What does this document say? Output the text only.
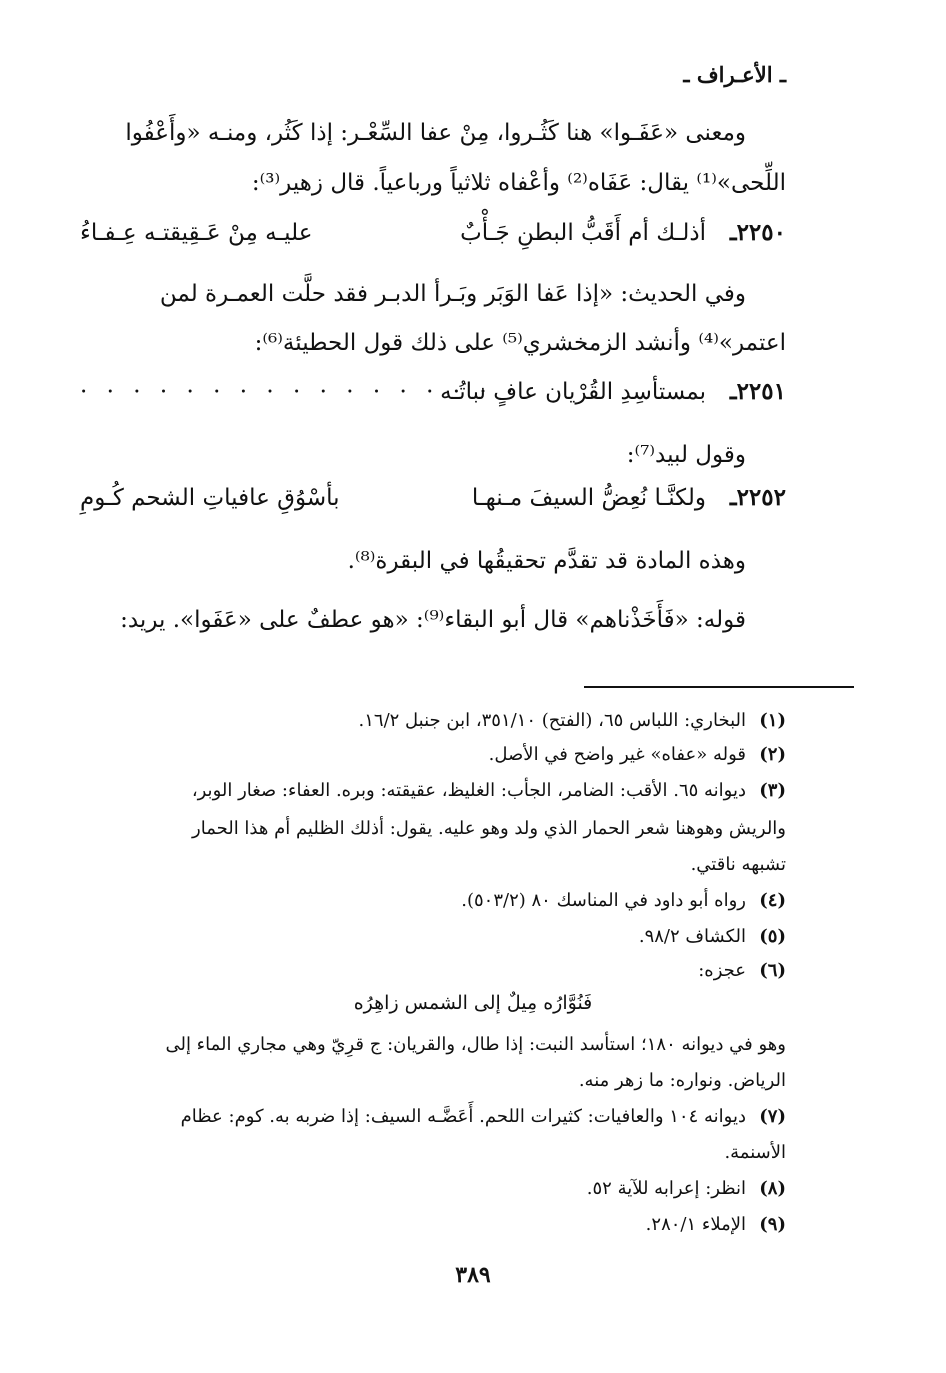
ـ الأعـراف ـ
ومعنى «عَفَـوا» هنا كَثُـروا، مِنْ عفا السِّعْـر: إذا كَثُر، ومنـه «وأَعْفُوا
اللِّحى»⁽¹⁾ يقال: عَفَاه⁽²⁾ وأعْفاه ثلاثياً ورباعياً. قال زهير⁽³⁾:
٢٢٥٠ـ
أذلـك أم أَقَبُّ البطنِ جَـأْبٌ
عليـه مِنْ عَـقِيقتـه عِـفـاءُ
وفي الحديث: «إذا عَفا الوَبَر وبَـرأ الدبـر فقد حلَّت العمـرة لمن
اعتمر»⁽⁴⁾ وأنشد الزمخشري⁽⁵⁾ على ذلك قول الحطيئة⁽⁶⁾:
٢٢٥١ـ
بمستأسِدِ القُرْيان عافٍ نباتُـه
· · · · · · · · · · · · · · · · ·
وقول لبيد⁽⁷⁾:
٢٢٥٢ـ
ولكنَّـا نُعِضُّ السيفَ مـنهـا
بأسْوُقِ عافياتِ الشحم كُـومِ
وهذه المادة قد تقدَّم تحقيقُها في البقرة⁽⁸⁾.
قوله: «فَأَخَذْناهم» قال أبو البقاء⁽⁹⁾: «هو عطفٌ على «عَفَوا». يريد:
(١)البخاري: اللباس ٦٥، (الفتح) ٣٥١/١٠، ابن جنبل ١٦/٢.
(٢)قوله «عفاه» غير واضح في الأصل.
(٣)ديوانه ٦٥. الأقب: الضامر، الجأب: الغليظ، عقيقته: وبره. العفاء: صغار الوبر،
والريش وهوهنا شعر الحمار الذي ولد وهو عليه. يقول: أذلك الظليم أم هذا الحمار
تشبهه ناقتي.
(٤)رواه أبو داود في المناسك ٨٠ (٥٠٣/٢).
(٥)الكشاف ٩٨/٢.
(٦)عجزه:
فَنُوَّارُه مِيلٌ إلى الشمس زاهِرُه
وهو في ديوانه ١٨٠؛ استأسد النبت: إذا طال، والقريان: ج قرِيّ وهي مجاري الماء إلى
الرياض. ونواره: ما زهر منه.
(٧)ديوانه ١٠٤ والعافيات: كثيرات اللحم. أَعَضَّـه السيف: إذا ضربه به. كوم: عظام
الأسنمة.
(٨)انظر: إعرابه للآية ٥٢.
(٩)الإملاء ٢٨٠/١.
٣٨٩
